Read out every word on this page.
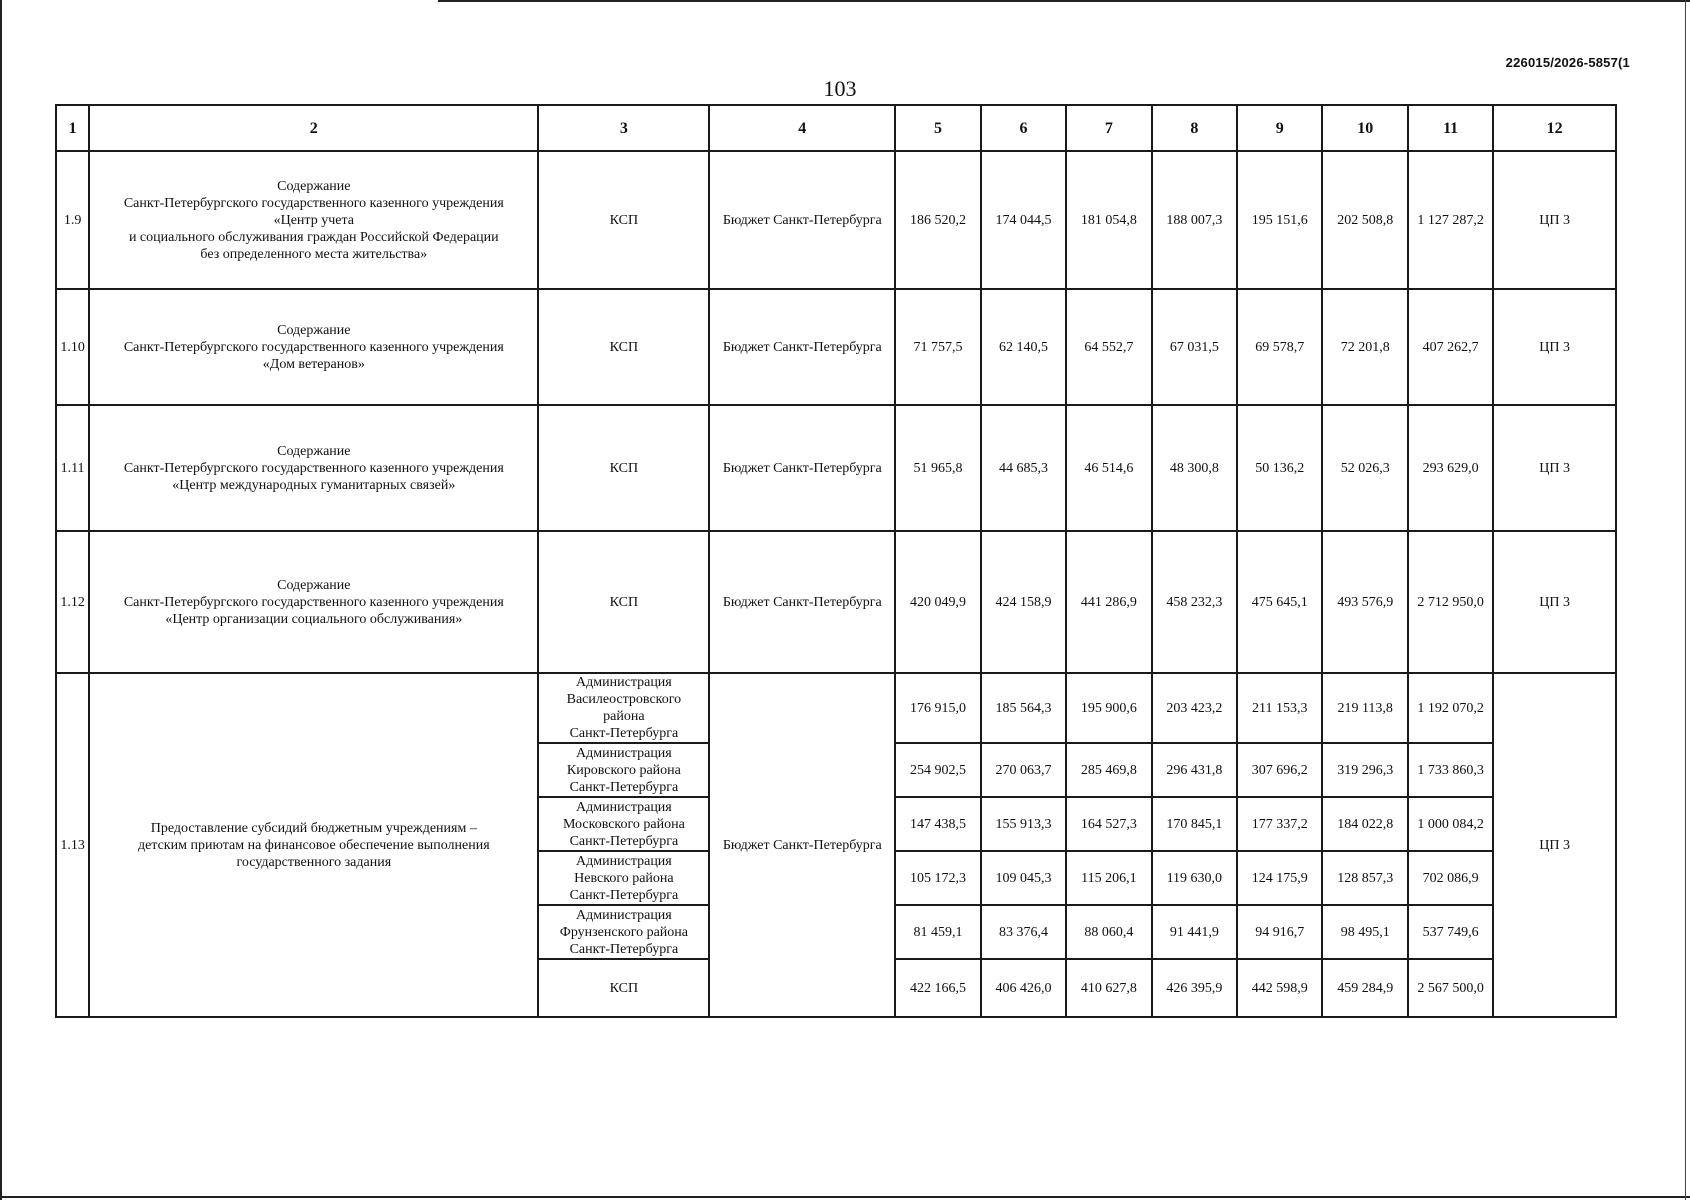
226015/2026-5857(1
103
1	2	3	4	5	6	7	8	9	10	11	12
1.9	Содержание
Санкт-Петербургского государственного казенного учреждения
«Центр учета
и социального обслуживания граждан Российской Федерации
без определенного места жительства»	КСП	Бюджет Санкт-Петербурга	186 520,2	174 044,5	181 054,8	188 007,3	195 151,6	202 508,8	1 127 287,2	ЦП 3
1.10	Содержание
Санкт-Петербургского государственного казенного учреждения
«Дом ветеранов»	КСП	Бюджет Санкт-Петербурга	71 757,5	62 140,5	64 552,7	67 031,5	69 578,7	72 201,8	407 262,7	ЦП 3
1.11	Содержание
Санкт-Петербургского государственного казенного учреждения
«Центр международных гуманитарных связей»	КСП	Бюджет Санкт-Петербурга	51 965,8	44 685,3	46 514,6	48 300,8	50 136,2	52 026,3	293 629,0	ЦП 3
1.12	Содержание
Санкт-Петербургского государственного казенного учреждения
«Центр организации социального обслуживания»	КСП	Бюджет Санкт-Петербурга	420 049,9	424 158,9	441 286,9	458 232,3	475 645,1	493 576,9	2 712 950,0	ЦП 3
1.13	Предоставление субсидий бюджетным учреждениям –
детским приютам на финансовое обеспечение выполнения
государственного задания	Администрация
Василеостровского
района
Санкт-Петербурга	Бюджет Санкт-Петербурга	176 915,0	185 564,3	195 900,6	203 423,2	211 153,3	219 113,8	1 192 070,2	ЦП 3
		Администрация
Кировского района
Санкт-Петербурга		254 902,5	270 063,7	285 469,8	296 431,8	307 696,2	319 296,3	1 733 860,3	
		Администрация
Московского района
Санкт-Петербурга		147 438,5	155 913,3	164 527,3	170 845,1	177 337,2	184 022,8	1 000 084,2	
		Администрация
Невского района
Санкт-Петербурга		105 172,3	109 045,3	115 206,1	119 630,0	124 175,9	128 857,3	702 086,9	
		Администрация
Фрунзенского района
Санкт-Петербурга		81 459,1	83 376,4	88 060,4	91 441,9	94 916,7	98 495,1	537 749,6	
		КСП		422 166,5	406 426,0	410 627,8	426 395,9	442 598,9	459 284,9	2 567 500,0	
